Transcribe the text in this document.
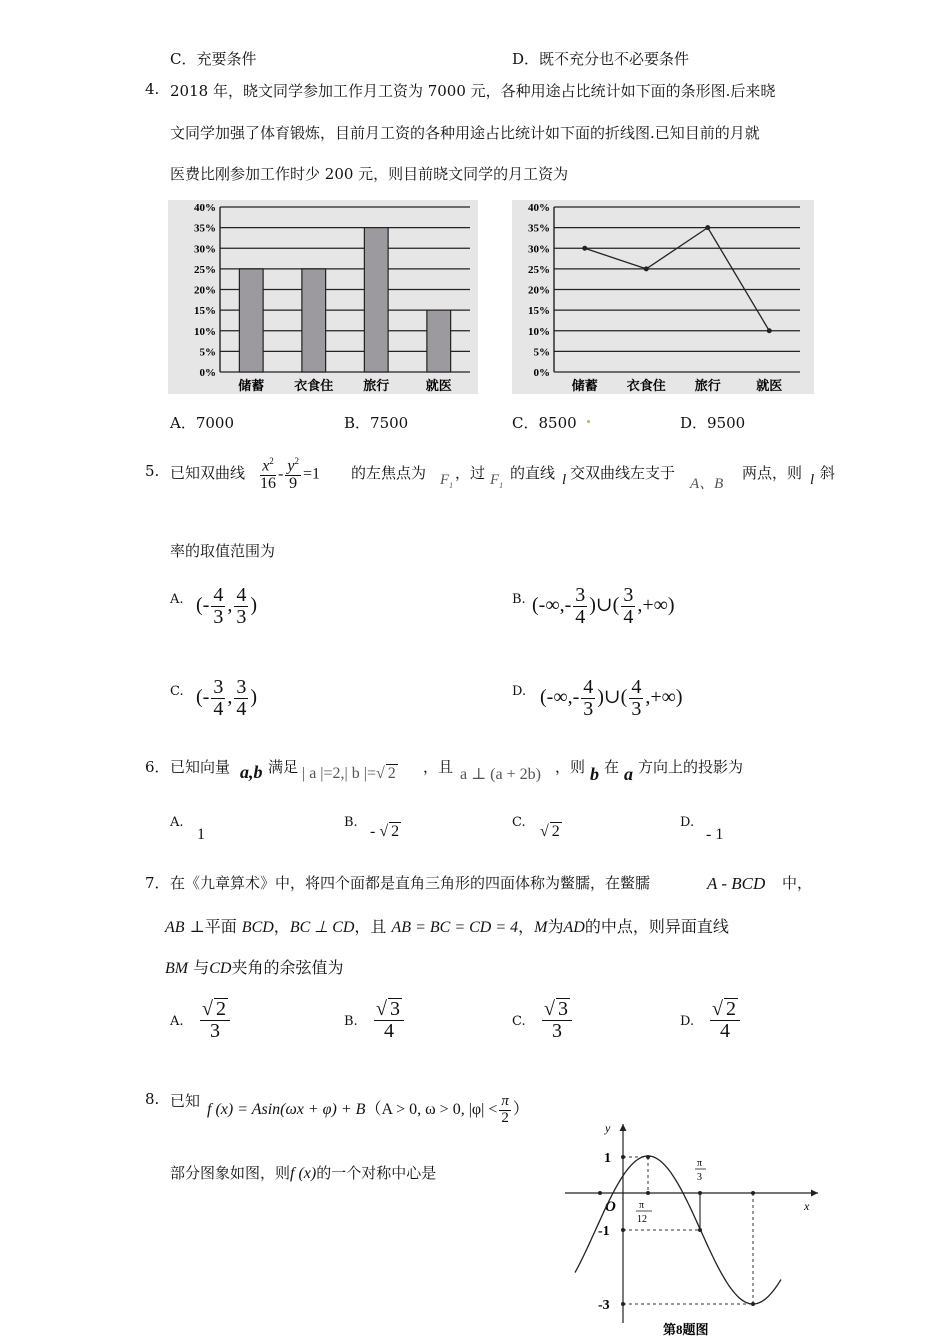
C．充要条件	D．既不充分也不必要条件
4. 2018 年，晓文同学参加工作月工资为 7000 元，各种用途占比统计如下面的条形图.后来晓
文同学加强了体育锻炼，目前月工资的各种用途占比统计如下面的折线图.已知目前的月就
医费比刚参加工作时少 200 元，则目前晓文同学的月工资为
0%
5%
10%
15%
20%
25%
30%
35%
40%
储蓄 衣食住 旅行	就医
0%
5%
10%
15%
20%
25%
30%
35%
40%
储蓄 衣食住 旅行	就医
A．7000	B．7500	C．8500	D．9500
5. 已知双曲线 $\frac{x^2}{16} - \frac{y^2}{9} =1$ 的左焦点为 $F_1$
，过 $F_1$
的直线 l 交双曲线左支于
A、B
两点，则 l 斜
率的取值范围为
A. (- $\frac{4}{3}$ , $\frac{4}{3}$ )	B. (-∞,- $\frac{3}{4}$ )∪( $\frac{3}{4}$ ,+∞)
C. (- $\frac{3}{4}$ , $\frac{3}{4}$ )	D. (-∞,- $\frac{4}{3}$ )∪( $\frac{4}{3}$ ,+∞)
6． 已知向量 a,b 满足 | a |=2,| b |=√ 2 ，且 a ⊥ (a + 2b) ，则 b 在 a 方向上的投影为
A.
1
B.
- √ 2
C.
√ 2
D.
- 1
7． 在《九章算术》中，将四个面都是直角三角形的四面体称为鳖臑，在鳖臑	A - BCD 中，
AB ⊥平面 BCD，BC ⊥ CD，且 AB = BC = CD = 4，M为AD的中点，则异面直线
BM 与CD夹角的余弦值为
A. $\frac{√ 2}{3}$	B. $\frac{√ 3}{4}$	C. $\frac{√ 3}{3}$	D. $\frac{√ 2}{4}$
8. 已知 f (x) = Asin(ωx + φ) + B（A > 0, ω > 0, $|\varphi| < \frac{\pi}{2}$ ）
部分图象如图，则f (x)的一个对称中心是
y
x
O
1
-1
-3
π
12
π
3
第8题图
